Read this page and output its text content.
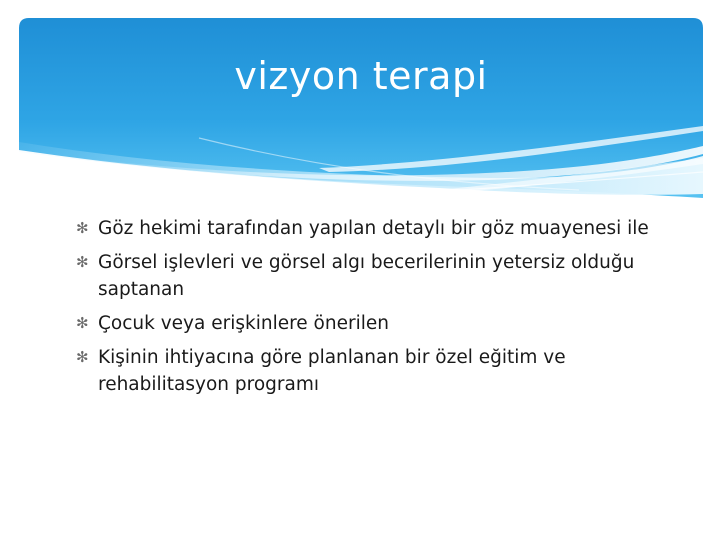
vizyon terapi
✻ Göz hekimi tarafından yapılan detaylı bir göz muayenesi ile
✻ Görsel işlevleri ve görsel algı becerilerinin yetersiz olduğu saptanan
✻ Çocuk veya erişkinlere önerilen
✻ Kişinin ihtiyacına göre planlanan bir özel eğitim ve rehabilitasyon programı
